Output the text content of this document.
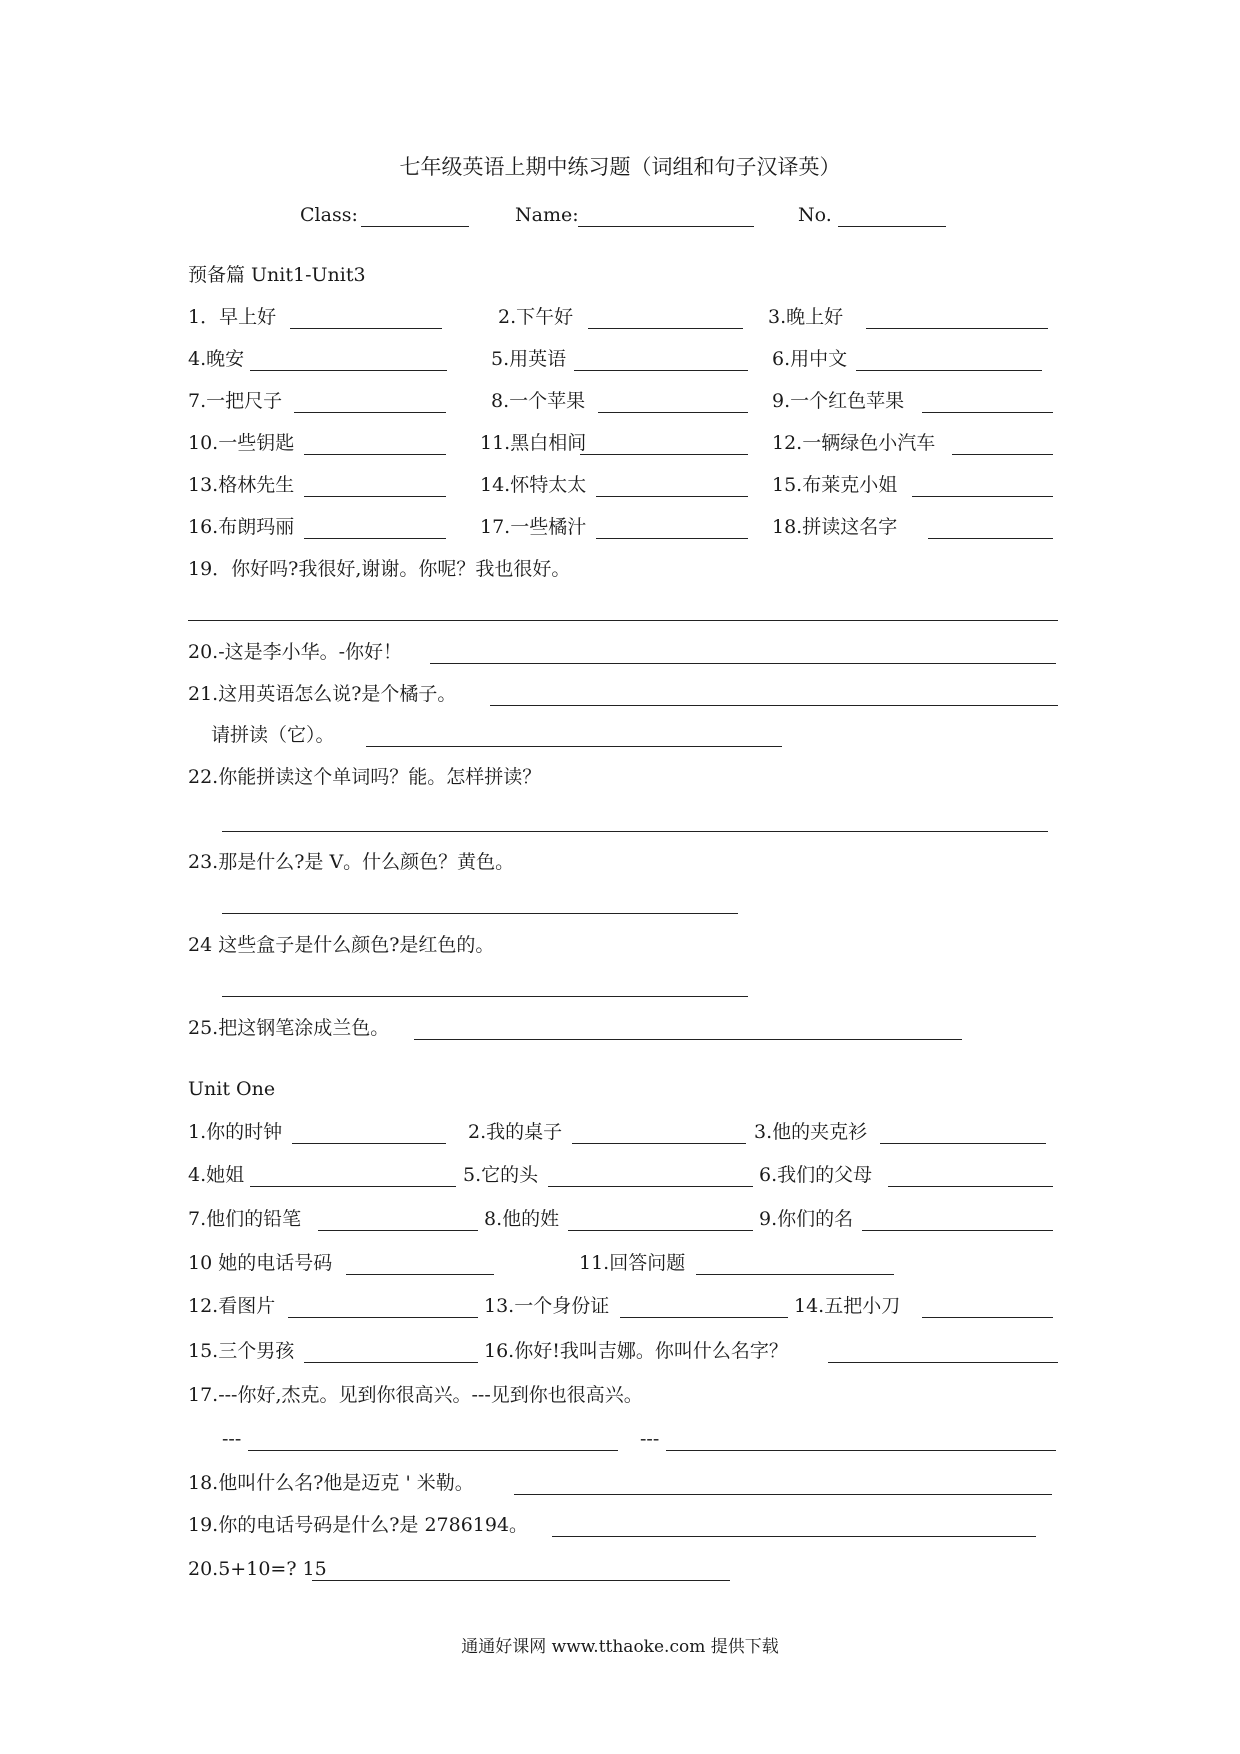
七年级英语上期中练习题（词组和句子汉译英）
Class:	Name:	No.
预备篇 Unit1-Unit3
1．早上好	2.下午好	3.晚上好
4.晚安	5.用英语	6.用中文
7.一把尺子	8.一个苹果	9.一个红色苹果
10.一些钥匙	11.黑白相间	12.一辆绿色小汽车
13.格林先生	14.怀特太太	15.布莱克小姐
16.布朗玛丽	17.一些橘汁	18.拼读这名字
19．你好吗?我很好,谢谢。你呢？我也很好。
20.-这是李小华。-你好！
21.这用英语怎么说?是个橘子。
请拼读（它）。
22.你能拼读这个单词吗？能。怎样拼读？
23.那是什么?是 V。什么颜色？黄色。
24 这些盒子是什么颜色?是红色的。
25.把这钢笔涂成兰色。
Unit One
1.你的时钟	2.我的桌子	3.他的夹克衫
4.她姐	5.它的头	6.我们的父母
7.他们的铅笔	8.他的姓	9.你们的名
10 她的电话号码	11.回答问题
12.看图片	13.一个身份证	14.五把小刀
15.三个男孩	16.你好!我叫吉娜。你叫什么名字？
17.---你好,杰克。见到你很高兴。---见到你也很高兴。
---	---
18.他叫什么名?他是迈克 ' 米勒。
19.你的电话号码是什么?是 2786194。
20.5+10=? 15
通通好课网 www.tthaoke.com 提供下载
